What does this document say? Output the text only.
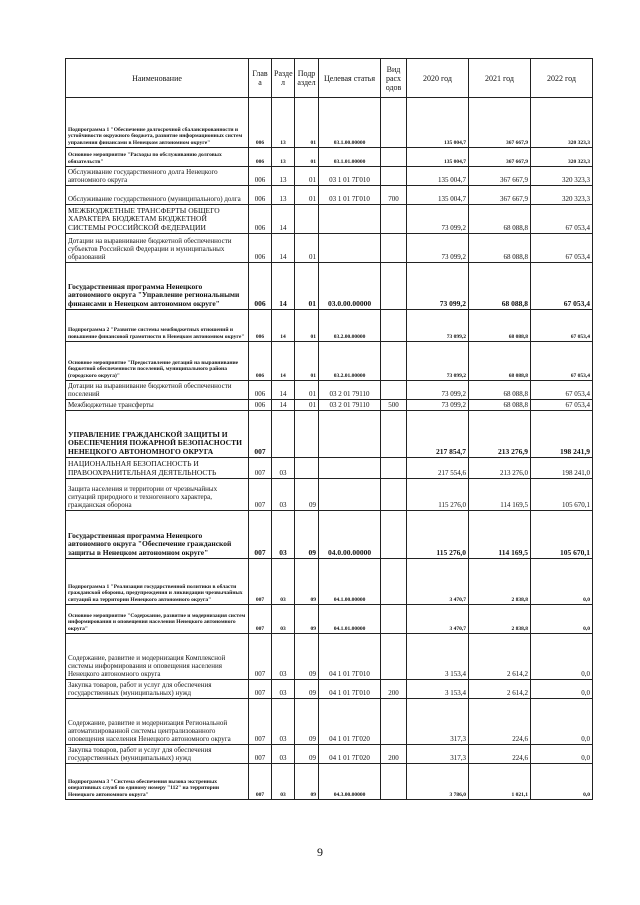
Наименование	Глав а	Разде л	Подр аздел	Целевая статья	Вид расх одов	2020 год	2021 год	2022 год
Подпрограмма 1 "Обеспечение долгосрочной сбалансированности и устойчивости окружного бюджета, развитие информационных систем управления финансами в Ненецком автономном округе"	006	13	01	03.1.00.00000		135 004,7	367 667,9	320 323,3
Основное мероприятие "Расходы по обслуживанию долговых обязательств"	006	13	01	03.1.01.00000		135 004,7	367 667,9	320 323,3
Обслуживание государственного долга Ненецкого автономного округа	006	13	01	03 1 01 7Г010		135 004,7	367 667,9	320 323,3
Обслуживание государственного (муниципального) долга	006	13	01	03 1 01 7Г010	700	135 004,7	367 667,9	320 323,3
МЕЖБЮДЖЕТНЫЕ ТРАНСФЕРТЫ ОБЩЕГО ХАРАКТЕРА БЮДЖЕТАМ БЮДЖЕТНОЙ СИСТЕМЫ РОССИЙСКОЙ ФЕДЕРАЦИИ	006	14				73 099,2	68 088,8	67 053,4
Дотации на выравнивание бюджетной обеспеченности субъектов Российской Федерации и муниципальных образований	006	14	01			73 099,2	68 088,8	67 053,4
Государственная программа Ненецкого автономного округа "Управление региональными финансами в Ненецком автономном округе"	006	14	01	03.0.00.00000		73 099,2	68 088,8	67 053,4
Подпрограмма 2 "Развитие системы межбюджетных отношений и повышение финансовой грамотности в Ненецком автономном округе"	006	14	01	03.2.00.00000		73 099,2	68 088,8	67 053,4
Основное мероприятие "Предоставление дотаций на выравнивание бюджетной обеспеченности поселений, муниципального района (городского округа)"	006	14	01	03.2.01.00000		73 099,2	68 088,8	67 053,4
Дотации на выравнивание бюджетной обеспеченности поселений	006	14	01	03 2 01 79110		73 099,2	68 088,8	67 053,4
Межбюджетные трансферты	006	14	01	03 2 01 79110	500	73 099,2	68 088,8	67 053,4
УПРАВЛЕНИЕ ГРАЖДАНСКОЙ ЗАЩИТЫ И ОБЕСПЕЧЕНИЯ ПОЖАРНОЙ БЕЗОПАСНОСТИ НЕНЕЦКОГО АВТОНОМНОГО ОКРУГА	007					217 854,7	213 276,9	198 241,9
НАЦИОНАЛЬНАЯ БЕЗОПАСНОСТЬ И ПРАВООХРАНИТЕЛЬНАЯ ДЕЯТЕЛЬНОСТЬ	007	03				217 554,6	213 276,0	198 241,0
Защита населения и территории от чрезвычайных ситуаций природного и техногенного характера, гражданская оборона	007	03	09			115 276,0	114 169,5	105 670,1
Государственная программа Ненецкого автономного округа "Обеспечение гражданской защиты в Ненецком автономном округе"	007	03	09	04.0.00.00000		115 276,0	114 169,5	105 670,1
Подпрограмма 1 "Реализация государственной политики в области гражданской обороны, предупреждения и ликвидации чрезвычайных ситуаций на территории Ненецкого автономного округа"	007	03	09	04.1.00.00000		3 470,7	2 838,8	0,0
Основное мероприятие "Содержание, развитие и модернизация систем информирования и оповещения населения Ненецкого автономного округа"	007	03	09	04.1.01.00000		3 470,7	2 838,8	0,0
Содержание, развитие и модернизация Комплексной системы информирования и оповещения населения Ненецкого автономного округа	007	03	09	04 1 01 7Г010		3 153,4	2 614,2	0,0
Закупка товаров, работ и услуг для обеспечения государственных (муниципальных) нужд	007	03	09	04 1 01 7Г010	200	3 153,4	2 614,2	0,0
Содержание, развитие и модернизация Региональной автоматизированной системы централизованного оповещения населения Ненецкого автономного округа	007	03	09	04 1 01 7Г020		317,3	224,6	0,0
Закупка товаров, работ и услуг для обеспечения государственных (муниципальных) нужд	007	03	09	04 1 01 7Г020	200	317,3	224,6	0,0
Подпрограмма 3 "Система обеспечения вызова экстренных оперативных служб по единому номеру "112" на территории Ненецкого автономного округа"	007	03	09	04.3.00.00000		3 786,0	1 021,1	0,0
9
